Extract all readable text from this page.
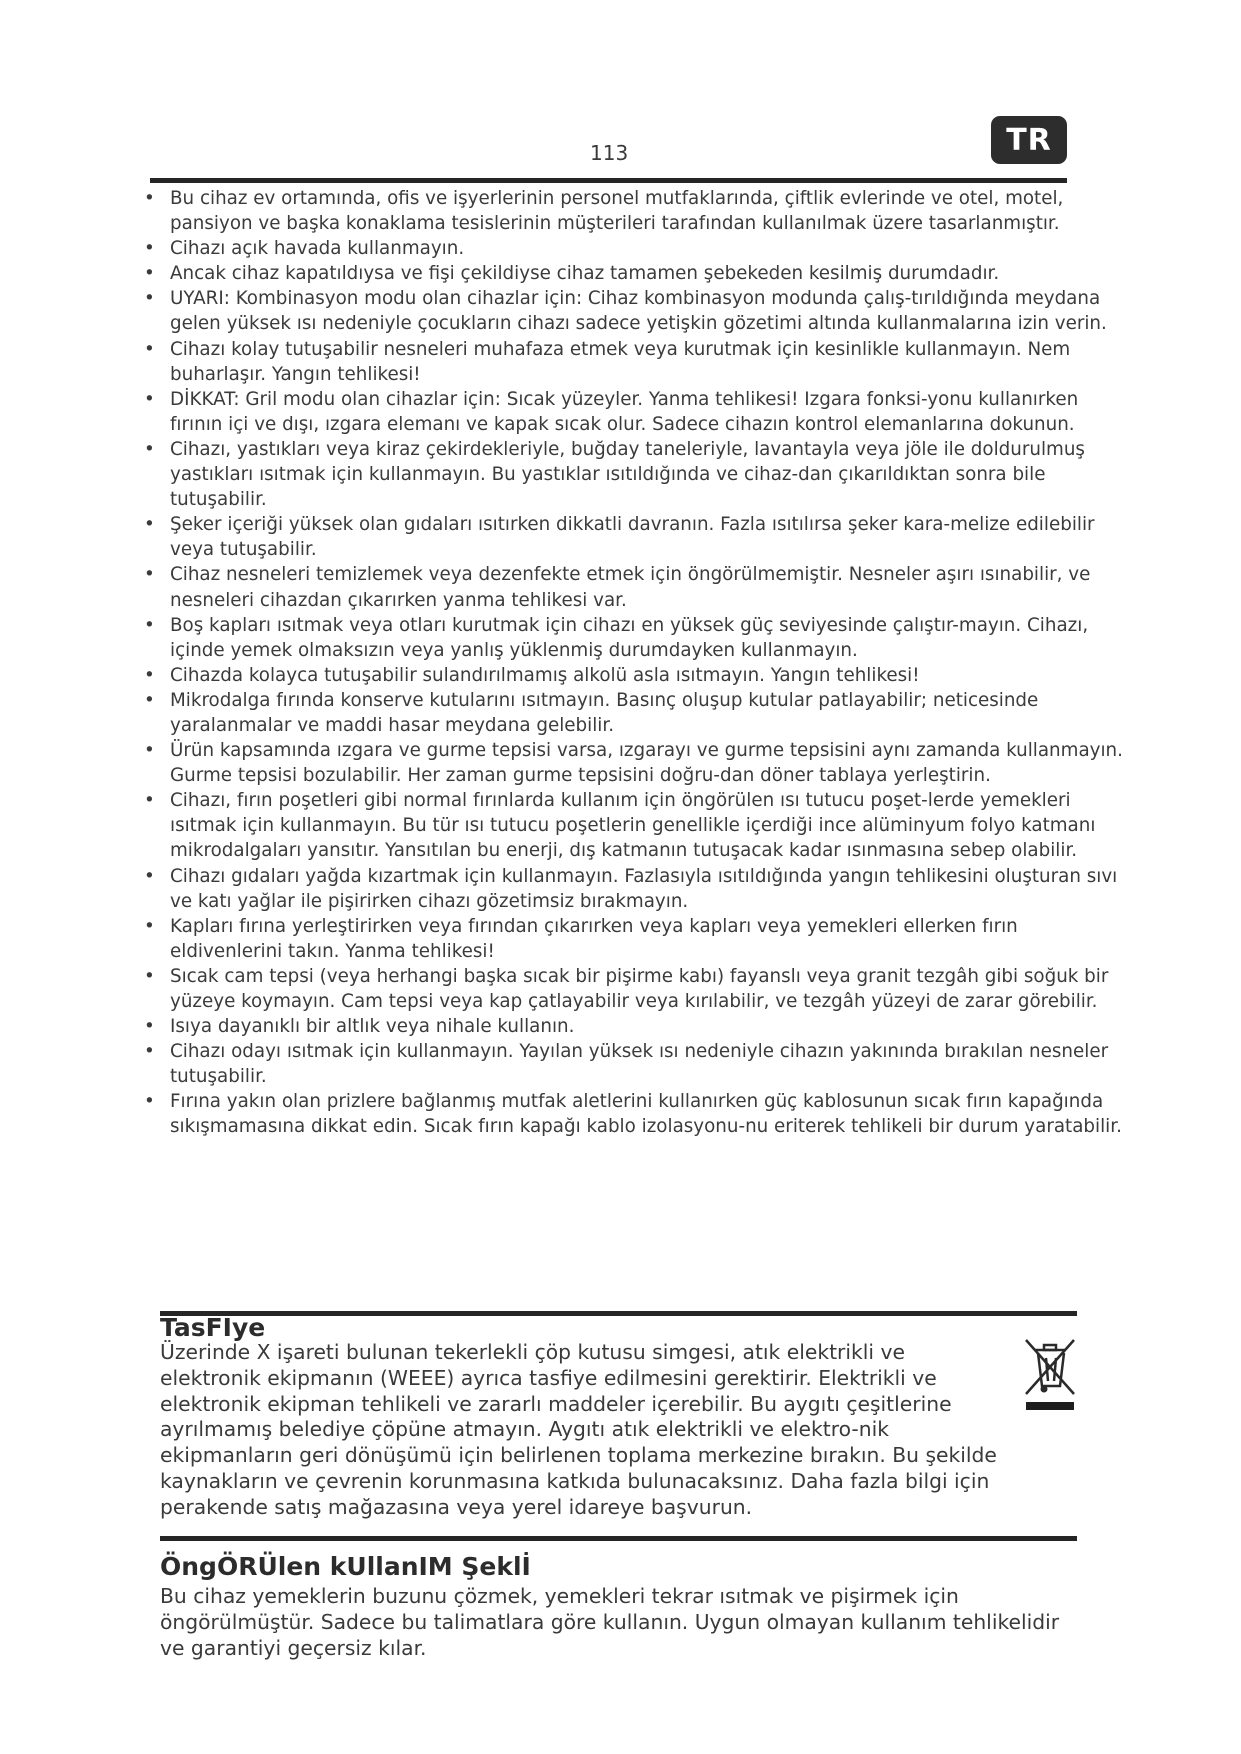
113	TR
• Bu cihaz ev ortamında, ofis ve işyerlerinin personel mutfaklarında, çiftlik evlerinde ve otel, motel, pansiyon ve başka konaklama tesislerinin müşterileri tarafından kullanılmak üzere tasarlanmıştır.
• Cihazı açık havada kullanmayın.
• Ancak cihaz kapatıldıysa ve fişi çekildiyse cihaz tamamen şebekeden kesilmiş durumdadır.
• UYARI: Kombinasyon modu olan cihazlar için: Cihaz kombinasyon modunda çalış-tırıldığında meydana gelen yüksek ısı nedeniyle çocukların cihazı sadece yetişkin gözetimi altında kullanmalarına izin verin.
• Cihazı kolay tutuşabilir nesneleri muhafaza etmek veya kurutmak için kesinlikle kullanmayın. Nem buharlaşır. Yangın tehlikesi!
• DİKKAT: Gril modu olan cihazlar için: Sıcak yüzeyler. Yanma tehlikesi! Izgara fonksi-yonu kullanırken fırının içi ve dışı, ızgara elemanı ve kapak sıcak olur. Sadece cihazın kontrol elemanlarına dokunun.
• Cihazı, yastıkları veya kiraz çekirdekleriyle, buğday taneleriyle, lavantayla veya jöle ile doldurulmuş yastıkları ısıtmak için kullanmayın. Bu yastıklar ısıtıldığında ve cihaz-dan çıkarıldıktan sonra bile tutuşabilir.
• Şeker içeriği yüksek olan gıdaları ısıtırken dikkatli davranın. Fazla ısıtılırsa şeker kara-melize edilebilir veya tutuşabilir.
• Cihaz nesneleri temizlemek veya dezenfekte etmek için öngörülmemiştir. Nesneler aşırı ısınabilir, ve nesneleri cihazdan çıkarırken yanma tehlikesi var.
• Boş kapları ısıtmak veya otları kurutmak için cihazı en yüksek güç seviyesinde çalıştır-mayın. Cihazı, içinde yemek olmaksızın veya yanlış yüklenmiş durumdayken kullanmayın.
• Cihazda kolayca tutuşabilir sulandırılmamış alkolü asla ısıtmayın. Yangın tehlikesi!
• Mikrodalga fırında konserve kutularını ısıtmayın. Basınç oluşup kutular patlayabilir; neticesinde yaralanmalar ve maddi hasar meydana gelebilir.
• Ürün kapsamında ızgara ve gurme tepsisi varsa, ızgarayı ve gurme tepsisini aynı zamanda kullanmayın. Gurme tepsisi bozulabilir. Her zaman gurme tepsisini doğru-dan döner tablaya yerleştirin.
• Cihazı, fırın poşetleri gibi normal fırınlarda kullanım için öngörülen ısı tutucu poşet-lerde yemekleri ısıtmak için kullanmayın. Bu tür ısı tutucu poşetlerin genellikle içerdiği ince alüminyum folyo katmanı mikrodalgaları yansıtır. Yansıtılan bu enerji, dış katmanın tutuşacak kadar ısınmasına sebep olabilir.
• Cihazı gıdaları yağda kızartmak için kullanmayın. Fazlasıyla ısıtıldığında yangın tehlikesini oluşturan sıvı ve katı yağlar ile pişirirken cihazı gözetimsiz bırakmayın.
• Kapları fırına yerleştirirken veya fırından çıkarırken veya kapları veya yemekleri ellerken fırın eldivenlerini takın. Yanma tehlikesi!
• Sıcak cam tepsi (veya herhangi başka sıcak bir pişirme kabı) fayanslı veya granit tezgâh gibi soğuk bir yüzeye koymayın. Cam tepsi veya kap çatlayabilir veya kırılabilir, ve tezgâh yüzeyi de zarar görebilir.
• Isıya dayanıklı bir altlık veya nihale kullanın.
• Cihazı odayı ısıtmak için kullanmayın. Yayılan yüksek ısı nedeniyle cihazın yakınında bırakılan nesneler tutuşabilir.
• Fırına yakın olan prizlere bağlanmış mutfak aletlerini kullanırken güç kablosunun sıcak fırın kapağında sıkışmamasına dikkat edin. Sıcak fırın kapağı kablo izolasyonu-nu eriterek tehlikeli bir durum yaratabilir.
TasFIye
Üzerinde X işareti bulunan tekerlekli çöp kutusu simgesi, atık elektrikli ve elektronik ekipmanın (WEEE) ayrıca tasfiye edilmesini gerektirir. Elektrikli ve elektronik ekipman tehlikeli ve zararlı maddeler içerebilir. Bu aygıtı çeşitlerine ayrılmamış belediye çöpüne atmayın. Aygıtı atık elektrikli ve elektro-nik ekipmanların geri dönüşümü için belirlenen toplama merkezine bırakın. Bu şekilde kaynakların ve çevrenin korunmasına katkıda bulunacaksınız. Daha fazla bilgi için perakende satış mağazasına veya yerel idareye başvurun.
ÖngÖRÜlen kUllanIM Şeklİ
Bu cihaz yemeklerin buzunu çözmek, yemekleri tekrar ısıtmak ve pişirmek için öngörülmüştür. Sadece bu talimatlara göre kullanın. Uygun olmayan kullanım tehlikelidir ve garantiyi geçersiz kılar.
